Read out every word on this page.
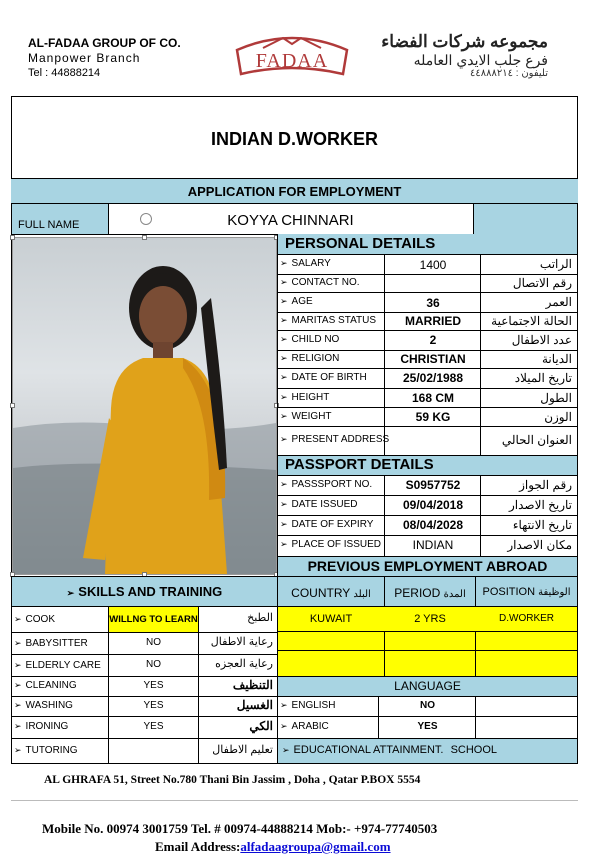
AL-FADAA GROUP OF CO.
Manpower Branch
Tel : 44888214
FADAA
مجموعه شركات الفضاء
فرع جلب الايدي العامله
تليفون : ٤٤٨٨٨٢١٤
INDIAN D.WORKER
APPLICATION FOR EMPLOYMENT
FULL NAME	KOYYA CHINNARI
PERSONAL DETAILS
➢ SALARY	1400	الراتب
➢ CONTACT NO.	رقم الاتصال
➢ AGE	36	العمر
➢ MARITAS STATUS	MARRIED	الحالة الاجتماعية
➢ CHILD NO	2	عدد الاطفال
➢ RELIGION	CHRISTIAN	الديانة
➢ DATE OF BIRTH	25/02/1988	تاريخ الميلاد
➢ HEIGHT	168 CM	الطول
➢ WEIGHT	59 KG	الوزن
➢ PRESENT ADDRESS	العنوان الحالي
PASSPORT DETAILS
➢ PASSSPORT NO.	S0957752	رقم الجواز
➢ DATE ISSUED	09/04/2018	تاريخ الاصدار
➢ DATE OF EXPIRY	08/04/2028	تاريخ الانتهاء
➢ PLACE OF ISSUED	INDIAN	مكان الاصدار
PREVIOUS EMPLOYMENT ABROAD
➢ SKILLS AND TRAINING	COUNTRY البلد	PERIOD المدة	POSITION الوظيفة
➢ COOK	WILLNG TO LEARN	الطبخ
➢ BABYSITTER	NO	رعاية الاطفال
➢ ELDERLY CARE	NO	رعاية العجزه
➢ CLEANING	YES	التنظيف
➢ WASHING	YES	الغسيل
➢ IRONING	YES	الكي
➢ TUTORING	تعليم الاطفال
KUWAIT	2 YRS	D.WORKER
LANGUAGE
➢ ENGLISH	NO
➢ ARABIC	YES
➢ EDUCATIONAL ATTAINMENT. SCHOOL
AL GHRAFA 51, Street No.780 Thani Bin Jassim , Doha , Qatar P.BOX 5554
Mobile No. 00974 3001759 Tel. # 00974-44888214 Mob:- +974-77740503
Email Address:alfadaagroupa@gmail.com
